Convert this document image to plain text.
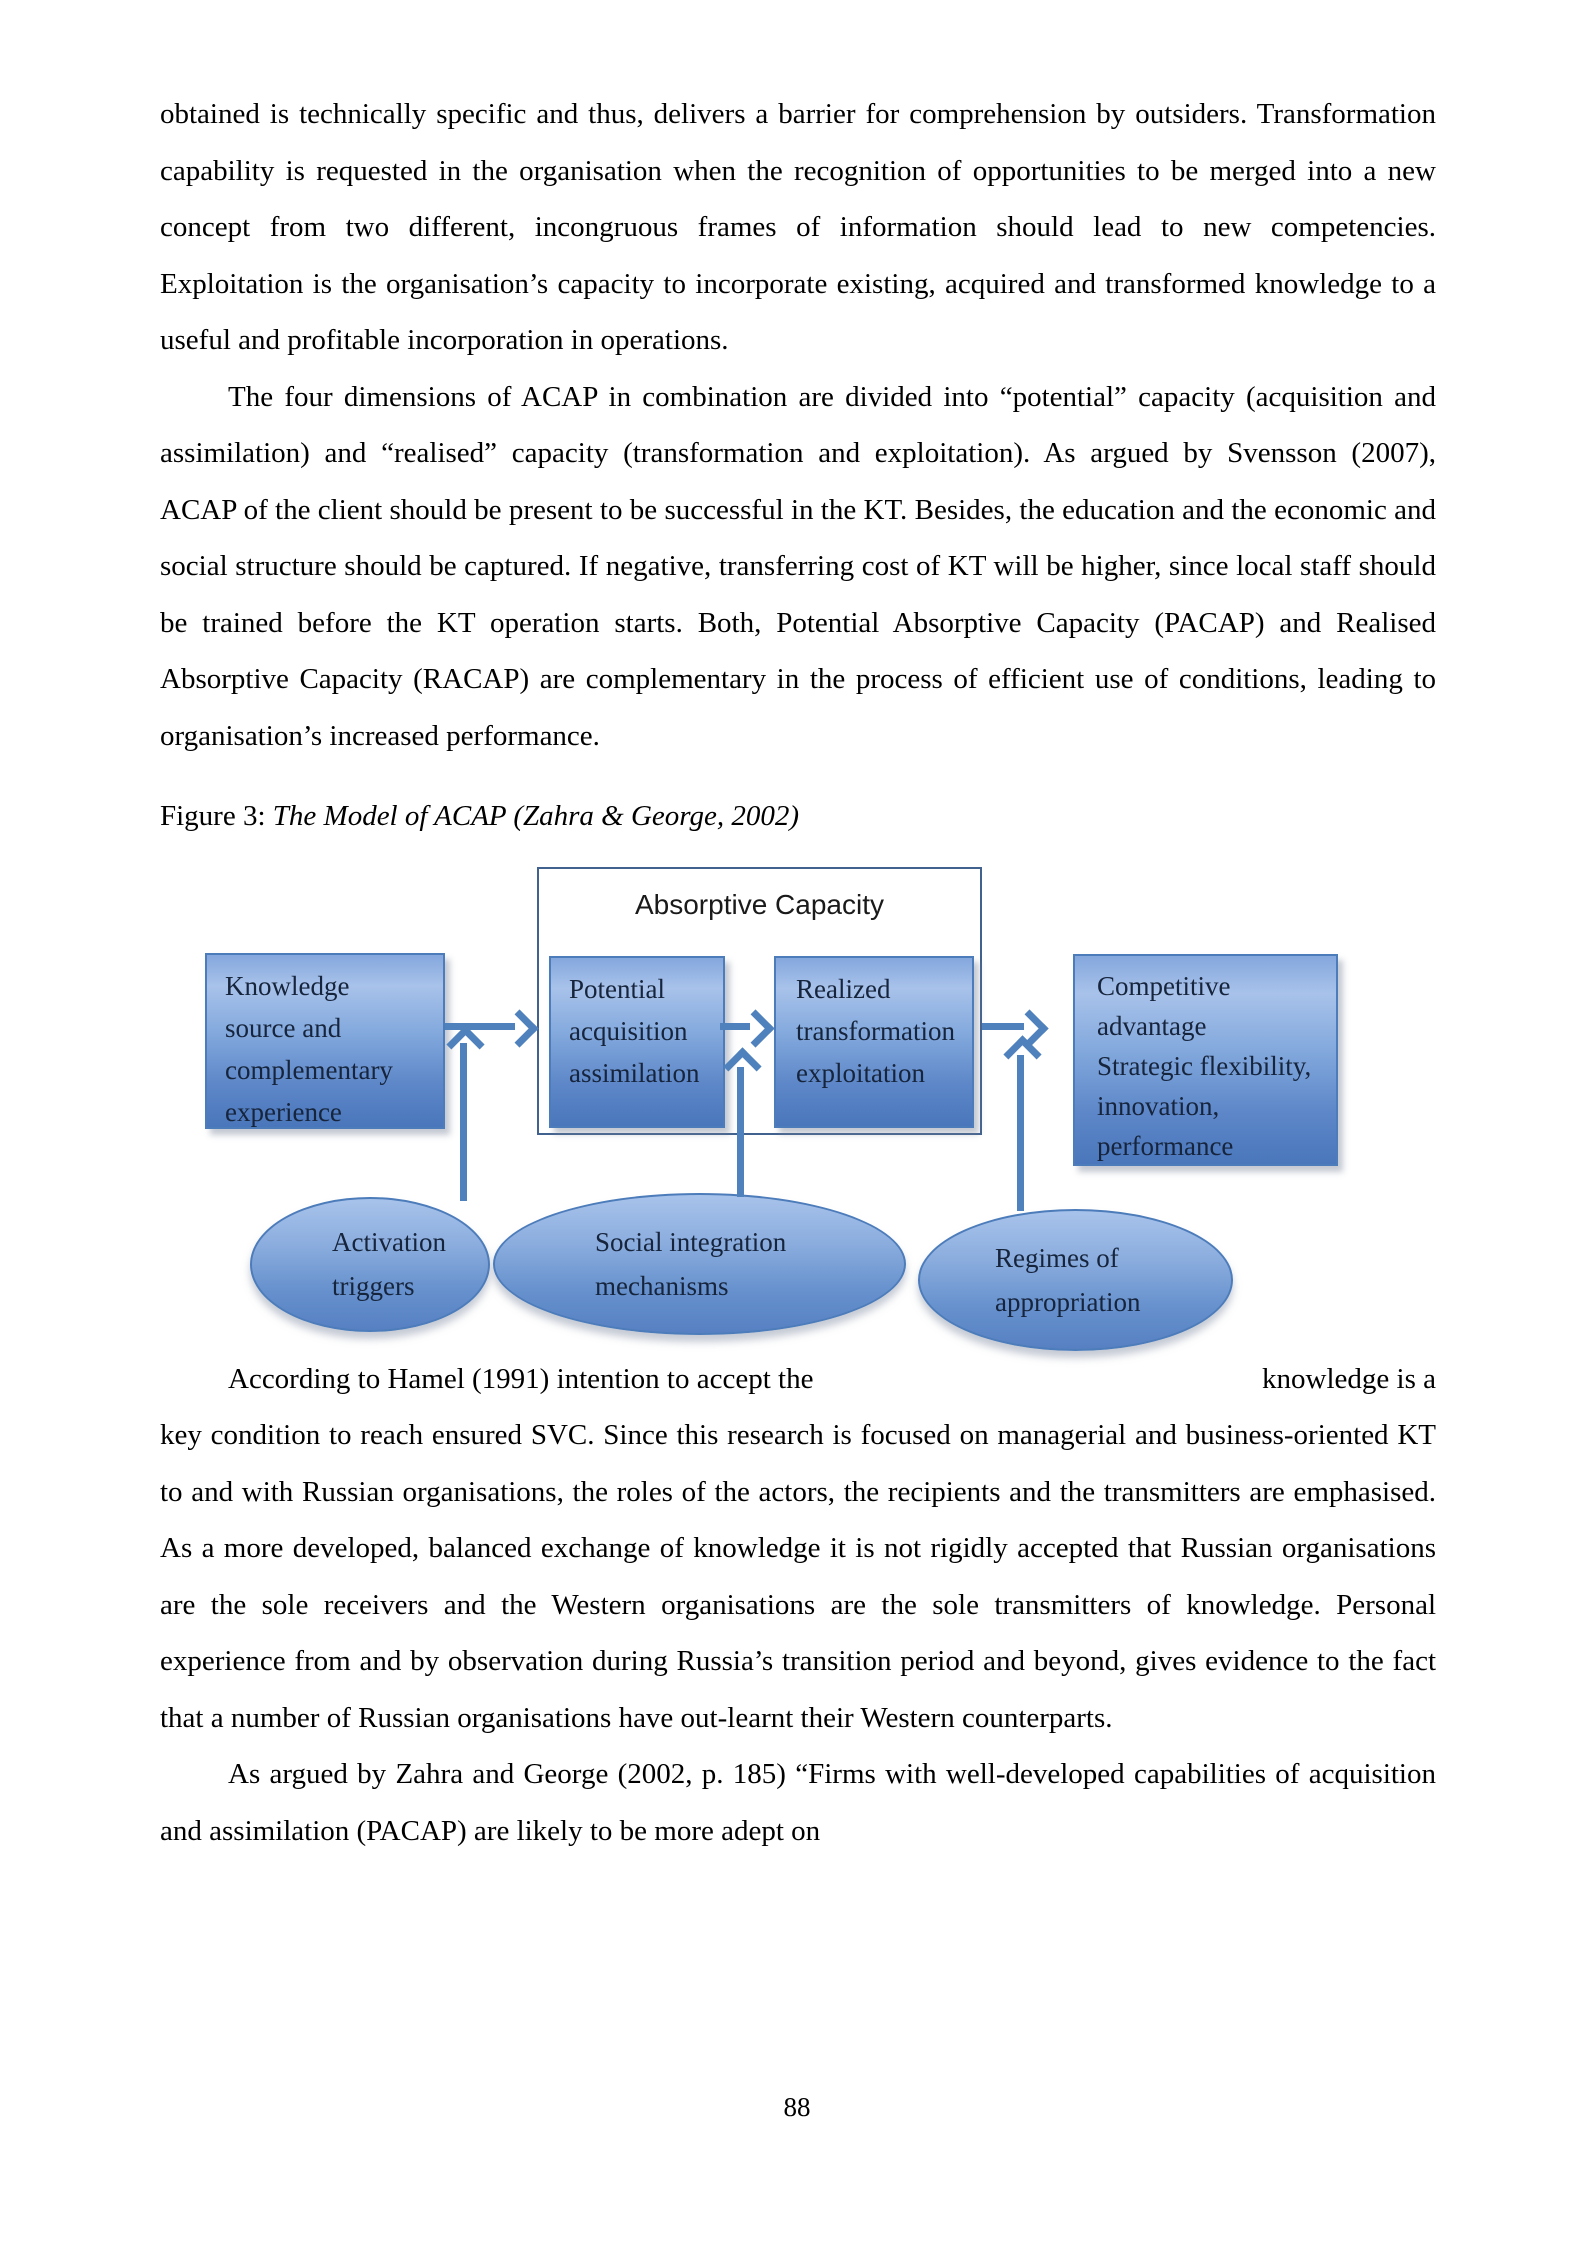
obtained is technically specific and thus, delivers a barrier for comprehension by outsiders. Transformation capability is requested in the organisation when the recognition of opportunities to be merged into a new concept from two different, incongruous frames of information should lead to new competencies. Exploitation is the organisation’s capacity to incorporate existing, acquired and transformed knowledge to a useful and profitable incorporation in operations.

The four dimensions of ACAP in combination are divided into “potential” capacity (acquisition and assimilation) and “realised” capacity (transformation and exploitation). As argued by Svensson (2007), ACAP of the client should be present to be successful in the KT. Besides, the education and the economic and social structure should be captured. If negative, transferring cost of KT will be higher, since local staff should be trained before the KT operation starts. Both, Potential Absorptive Capacity (PACAP) and Realised Absorptive Capacity (RACAP) are complementary in the process of efficient use of conditions, leading to organisation’s increased performance.

Figure 3: The Model of ACAP (Zahra & George, 2002)

Absorptive Capacity
Knowledge
source and
complementary
experience
Potential
acquisition
assimilation
Realized
transformation
exploitation
Competitive
advantage
Strategic flexibility,
innovation,
performance
Activation
triggers
Social integration
mechanisms
Regimes of
appropriation
According to Hamel (1991) intention to accept the	knowledge is a

key condition to reach ensured SVC. Since this research is focused on managerial and business-oriented KT to and with Russian organisations, the roles of the actors, the recipients and the transmitters are emphasised. As a more developed, balanced exchange of knowledge it is not rigidly accepted that Russian organisations are the sole receivers and the Western organisations are the sole transmitters of knowledge. Personal experience from and by observation during Russia’s transition period and beyond, gives evidence to the fact that a number of Russian organisations have out-learnt their Western counterparts.

As argued by Zahra and George (2002, p. 185) “Firms with well-developed capabilities of acquisition and assimilation (PACAP) are likely to be more adept on

88
